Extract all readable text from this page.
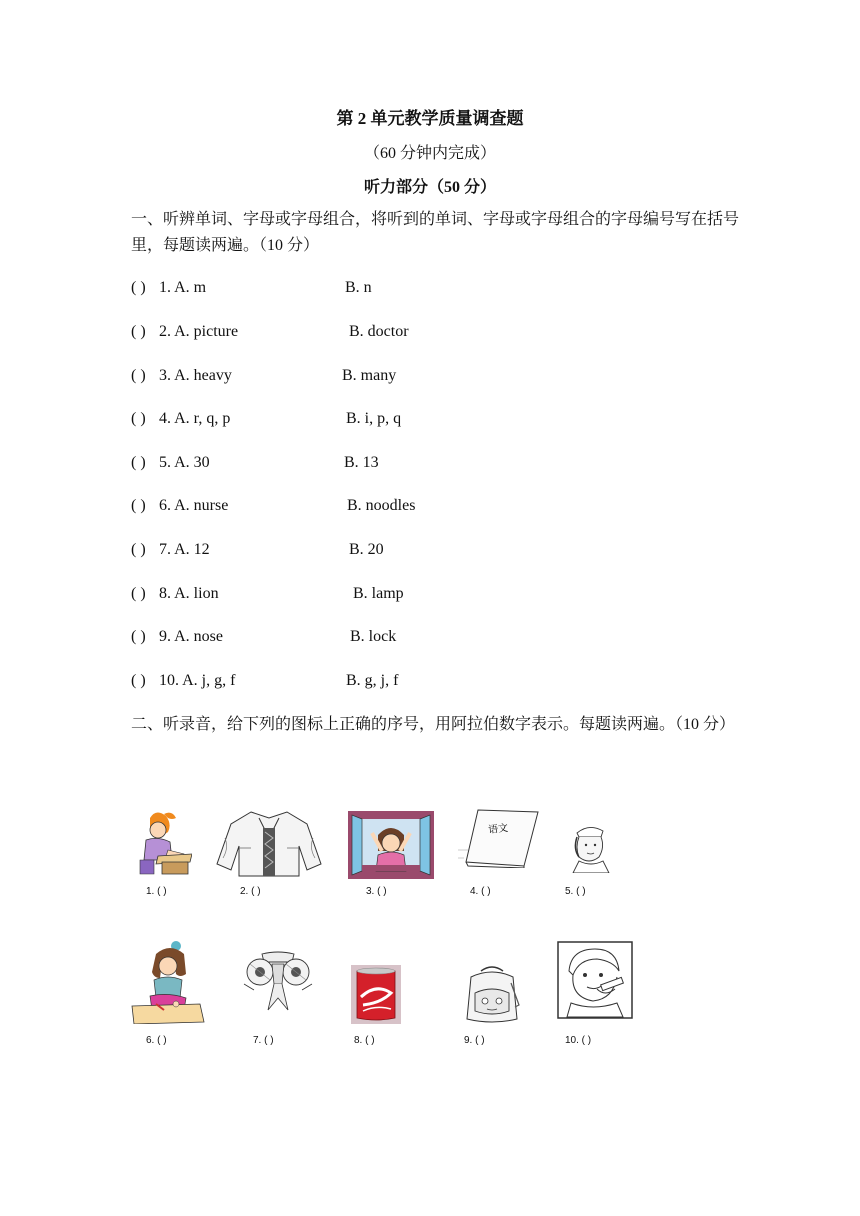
第 2 单元教学质量调查题
（60 分钟内完成）
听力部分（50 分）
一、听辨单词、字母或字母组合，将听到的单词、字母或字母组合的字母编号写在括号里，每题读两遍。（10 分）
( ) 1. A. m	B. n
( ) 2. A. picture	B. doctor
( ) 3. A. heavy	B. many
( ) 4. A. r, q, p	B. i, p, q
( ) 5. A. 30	B. 13
( ) 6. A. nurse	B. noodles
( ) 7. A. 12	B. 20
( ) 8. A. lion	B. lamp
( ) 9. A. nose	B. lock
( ) 10. A. j, g, f	B. g, j, f
二、听录音，给下列的图标上正确的序号，用阿拉伯数字表示。每题读两遍。（10 分）
语文
1. ( )	2. ( )	3. ( )	4. ( )	5. ( )
6. ( )	7. ( )	8. ( )	9. ( )	10. ( )
